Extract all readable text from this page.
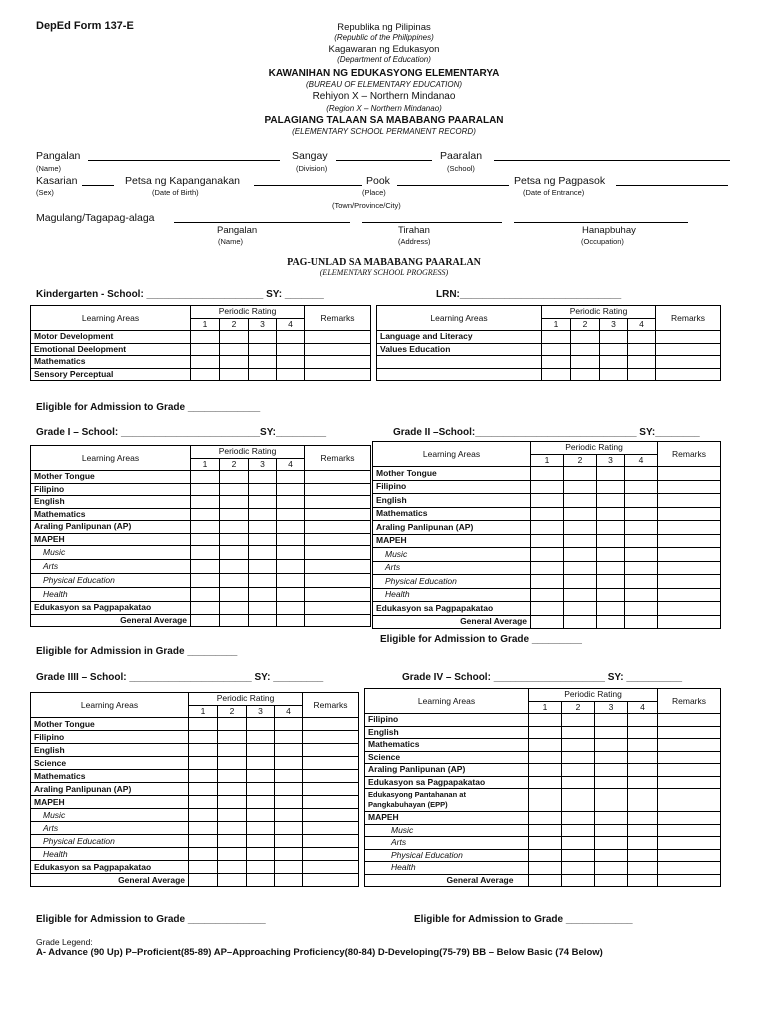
DepEd Form 137-E	Republika ng Pilipinas
(Republic of the Philippines)
Kagawaran ng Edukasyon
(Department of Education)
KAWANIHAN NG EDUKASYONG ELEMENTARYA
(BUREAU OF ELEMENTARY EDUCATION)
Rehiyon X – Northern Mindanao
(Region X – Northern Mindanao)
PALAGIANG TALAAN SA MABABANG PAARALAN
(ELEMENTARY SCHOOL PERMANENT RECORD)
Pangalan
(Name)
Sangay
(Division)
Paaralan
(School)
Kasarian
(Sex)
Petsa ng Kapanganakan
(Date of Birth)
Pook
(Place)
Petsa ng Pagpasok
(Date of Entrance)
(Town/Province/City)
Magulang/Tagapag-alaga
Pangalan
(Name)
Tirahan
(Address)
Hanapbuhay
(Occupation)
PAG-UNLAD SA MABABANG PAARALAN
(ELEMENTARY SCHOOL PROGRESS)
Kindergarten - School: _____________________ SY: _______	LRN:_____________________________
Learning Areas	Periodic Rating				Remarks
	1	2	3	4	
Motor Development					
Emotional Deelopment					
Mathematics					
Sensory Perceptual					
Learning Areas	Periodic Rating				Remarks
	1	2	3	4	
Language and Literacy					
Values Education					

Eligible for Admission to Grade _____________
Grade I – School: _________________________SY:_________	Grade II –School:_____________________________ SY:________
Learning Areas	Periodic Rating				Remarks
	1	2	3	4	
Mother Tongue					
Filipino					
English					
Mathematics					
Araling Panlipunan (AP)					
MAPEH					
Music					
Arts					
Physical Education					
Health					
Edukasyon sa Pagpapakatao					
General Average					
Learning Areas	Periodic Rating				Remarks
	1	2	3	4	
Mother Tongue					
Filipino					
English					
Mathematics					
Araling Panlipunan (AP)					
MAPEH					
Music					
Arts					
Physical Education					
Health					
Edukasyon sa Pagpapakatao					
General Average					
Eligible for Admission to Grade _________
Eligible for Admission in Grade _________
Grade IIII – School: ______________________ SY: _________	Grade IV – School: ____________________ SY: __________
Learning Areas	Periodic Rating				Remarks
	1	2	3	4	
Mother Tongue					
Filipino					
English					
Science					
Mathematics					
Araling Panlipunan (AP)					
MAPEH					
Music					
Arts					
Physical Education					
Health					
Edukasyon sa Pagpapakatao					
General Average					
Learning Areas	Periodic Rating				Remarks
	1	2	3	4	
Filipino					
English					
Mathematics					
Science					
Araling Panlipunan (AP)					
Edukasyon sa Pagpapakatao					
Edukasyong Pantahanan at Pangkabuhayan (EPP)					
MAPEH					
Music					
Arts					
Physical Education					
Health					
General Average					
Eligible for Admission to Grade ______________	Eligible for Admission to Grade ____________
Grade Legend:
A- Advance (90 Up) P–Proficient(85-89) AP–Approaching Proficiency(80-84) D-Developing(75-79) BB – Below Basic (74 Below)
